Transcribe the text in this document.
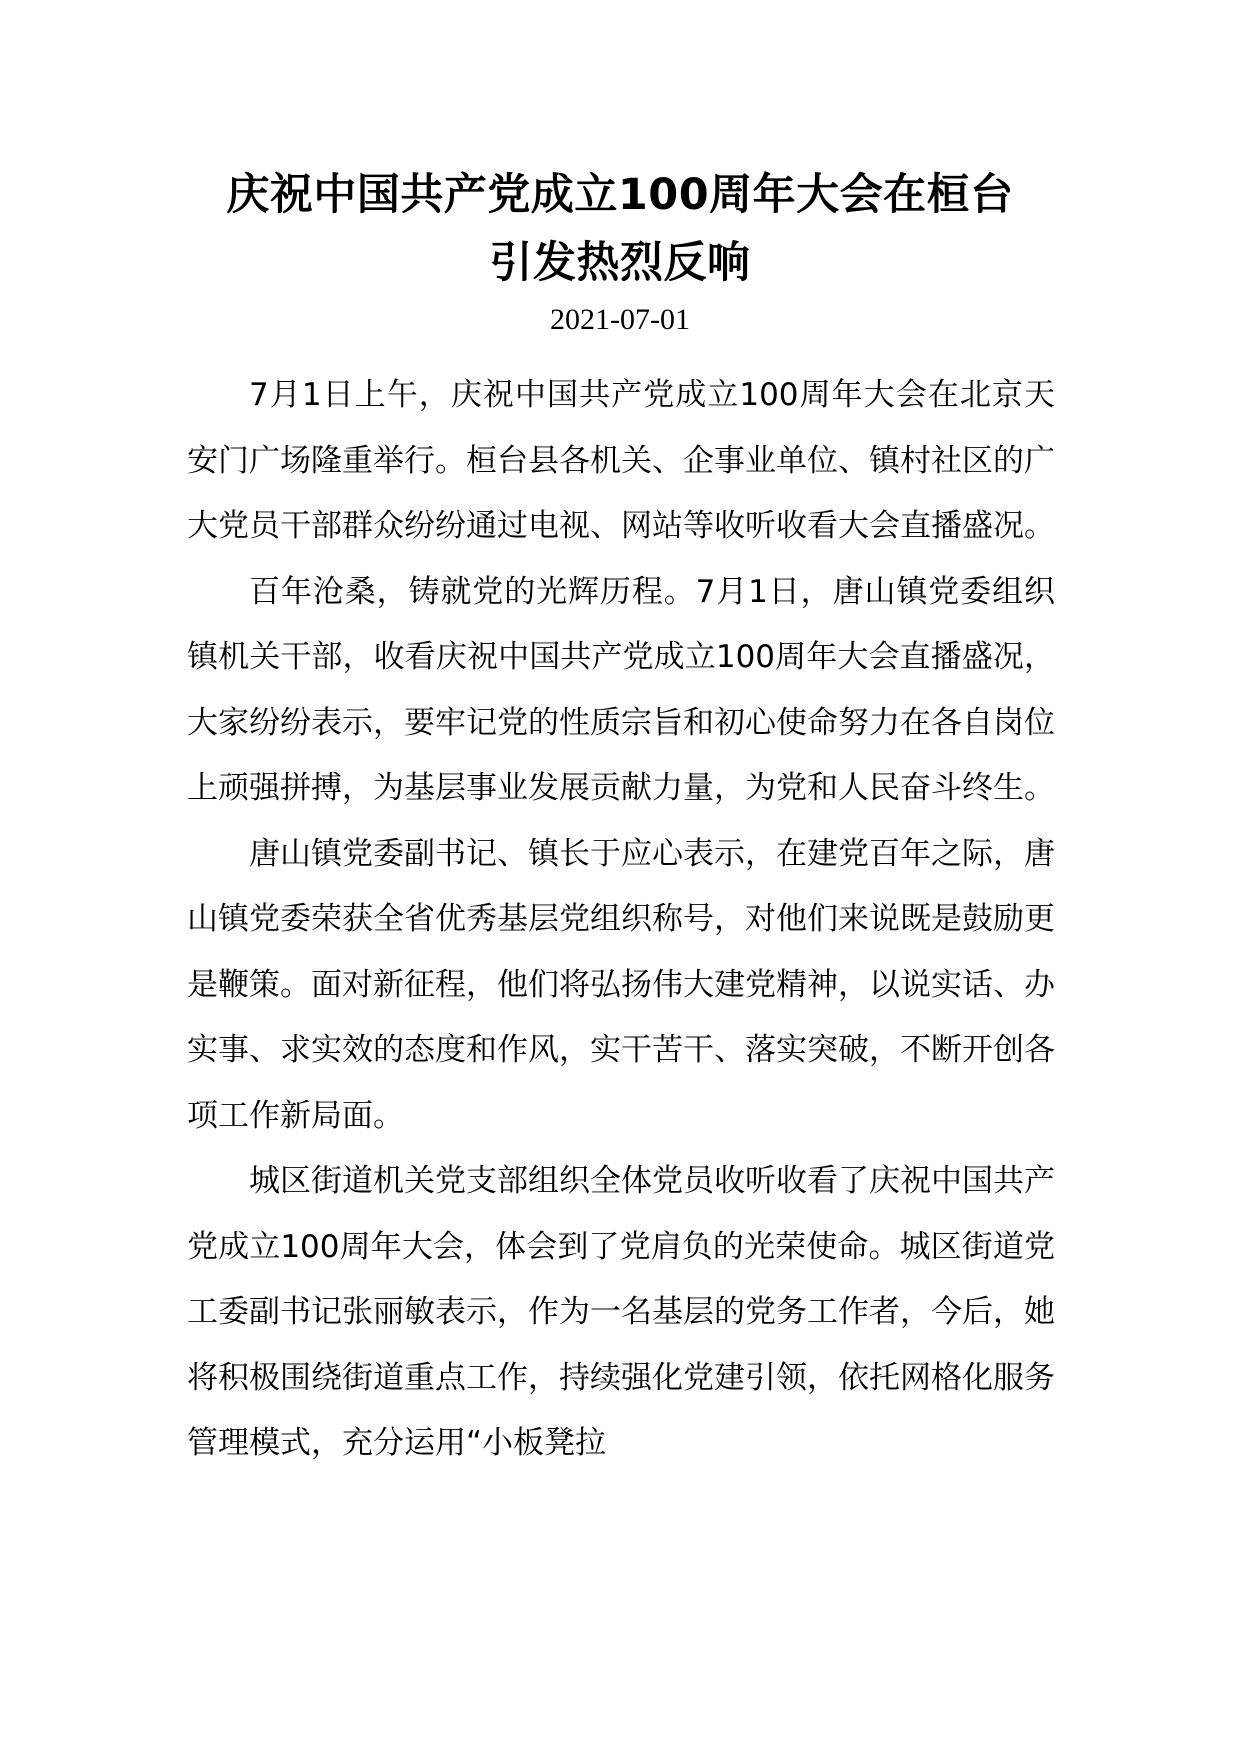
庆祝中国共产党成立100周年大会在桓台
引发热烈反响

2021-07-01

7月1日上午，庆祝中国共产党成立100周年大会在北京天安门广场隆重举行。桓台县各机关、企事业单位、镇村社区的广大党员干部群众纷纷通过电视、网站等收听收看大会直播盛况。

百年沧桑，铸就党的光辉历程。7月1日，唐山镇党委组织镇机关干部，收看庆祝中国共产党成立100周年大会直播盛况，大家纷纷表示，要牢记党的性质宗旨和初心使命努力在各自岗位上顽强拼搏，为基层事业发展贡献力量，为党和人民奋斗终生。

唐山镇党委副书记、镇长于应心表示，在建党百年之际，唐山镇党委荣获全省优秀基层党组织称号，对他们来说既是鼓励更是鞭策。面对新征程，他们将弘扬伟大建党精神，以说实话、办实事、求实效的态度和作风，实干苦干、落实突破，不断开创各项工作新局面。

城区街道机关党支部组织全体党员收听收看了庆祝中国共产党成立100周年大会，体会到了党肩负的光荣使命。城区街道党工委副书记张丽敏表示，作为一名基层的党务工作者，今后，她将积极围绕街道重点工作，持续强化党建引领，依托网格化服务管理模式，充分运用“小板凳拉
